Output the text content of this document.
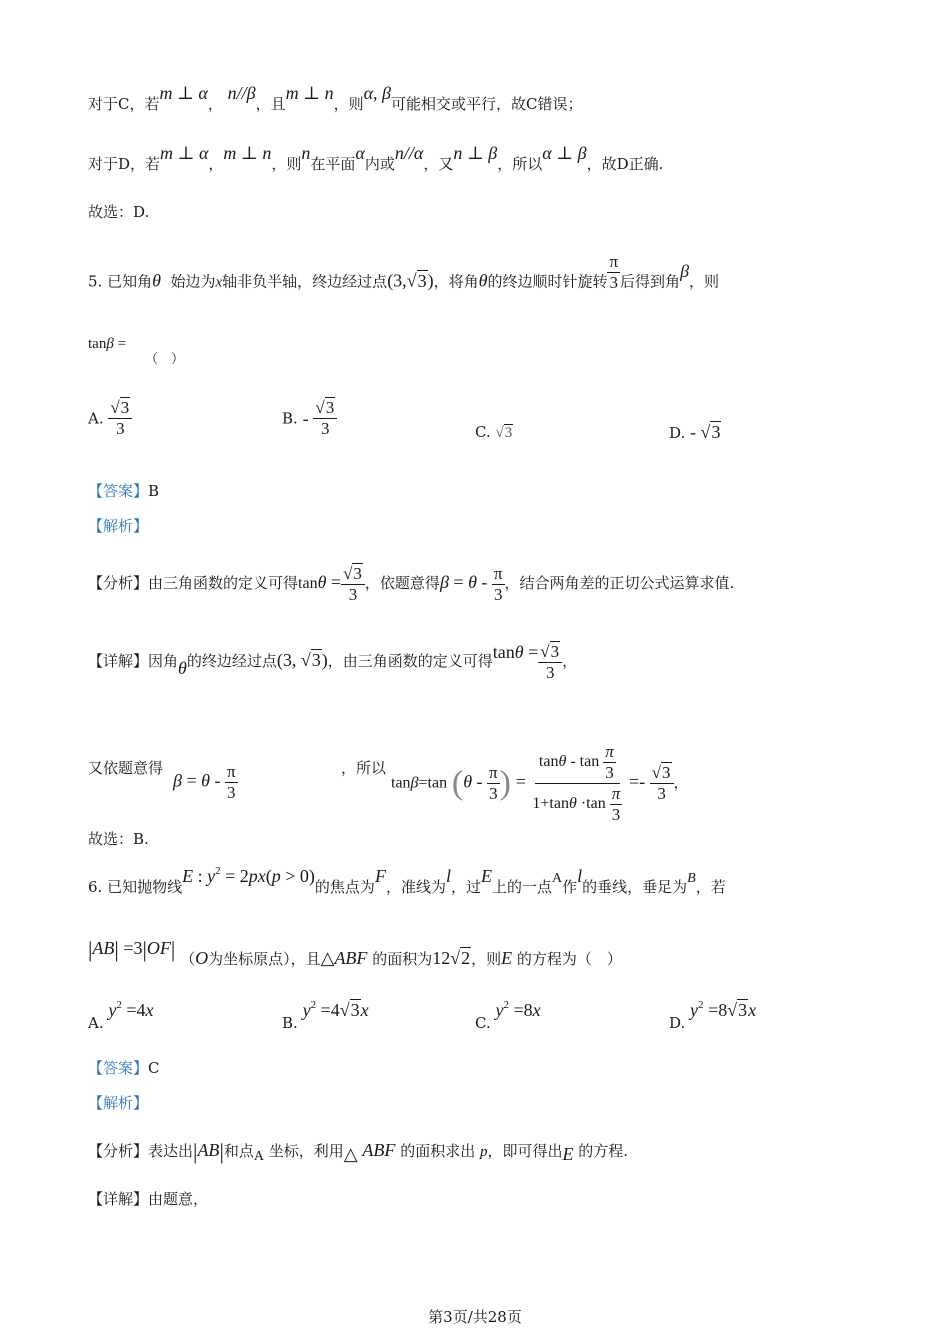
对于C，若m ⊥ α， n//β，且m ⊥ n，则α, β可能相交或平行，故C错误；
对于D，若m ⊥ α，m ⊥ n，则n在平面α内或n//α，又n ⊥ β，所以α ⊥ β，故D正确.
故选：D.
5. 已知角θ 始边为x轴非负半轴，终边经过点(3,√3)，将角θ的终边顺时针旋转 $\frac{\pi}{3}$ 后得到角β，则
tanβ =
（　）
A. $\frac{√3}{3}$	B. - $\frac{√3}{3}$	C. √3	D. - √3
【答案】B
【解析】
【分析】由三角函数的定义可得$\tan\theta = \frac{√3}{3}$ ，依题意得$\beta = \theta - \frac{\pi}{3}$ ，结合两角差的正切公式运算求值.
【详解】因角θ的终边经过点(3, √3)，由三角函数的定义可得$\tan\theta = \frac{√3}{3}$ ，
又依题意得
$\beta = \theta - \frac{\pi}{3}$	，所以
tanβ=tan ($\theta - \frac{\pi}{3}$ ) = $\frac{\tan\theta - \tan \frac{\pi}{3}}{1+\tan\theta \cdot\tan \frac{\pi}{3}} =- \frac{√3}{3}$ ，
故选：B.
6. 已知抛物线E : $y^2 = 2px(p > 0)$的焦点为F，准线为l，过E上的一点A作l的垂线，垂足为B，若
|AB| =3|OF| （O为坐标原点），且△ABF 的面积为12√2，则E 的方程为（　）
A. $y^2 =4x$
B. $y^2 =4√3x$
C. $y^2 =8x$
D. $y^2 =8√3x$
【答案】C
【解析】
【分析】表达出|AB|和点A 坐标，利用△ ABF 的面积求出 p，即可得出E 的方程.
【详解】由题意，
第3页/共28页
